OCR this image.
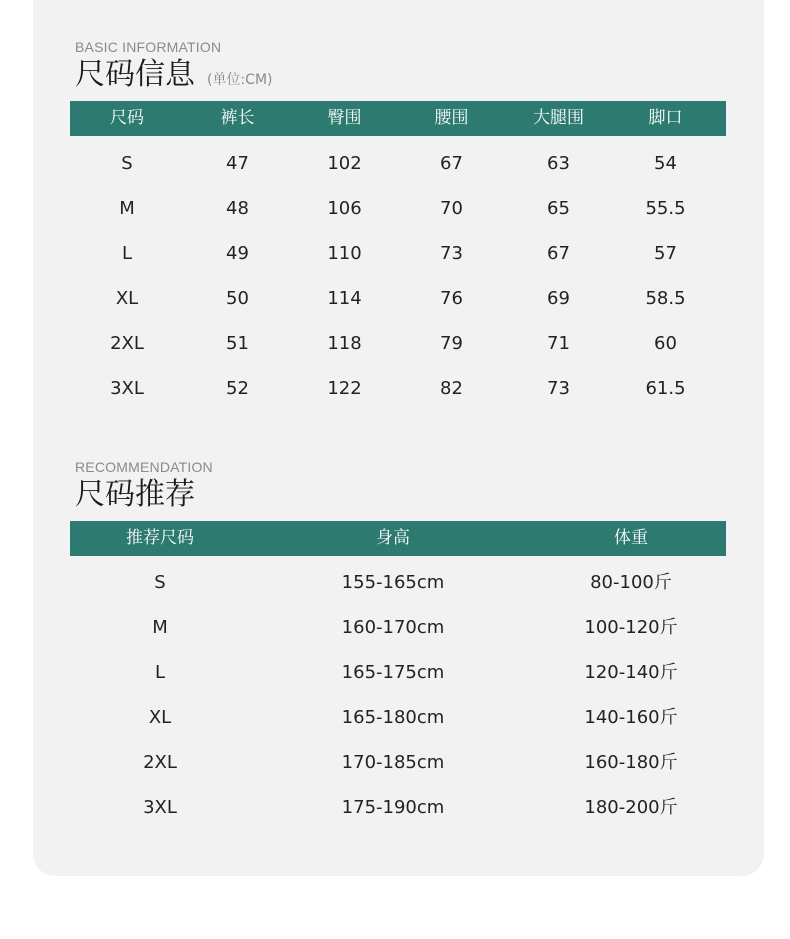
BASIC INFORMATION
尺码信息 (单位:CM)
尺码	裤长	臀围	腰围	大腿围	脚口
S	47	102	67	63	54
M	48	106	70	65	55.5
L	49	110	73	67	57
XL	50	114	76	69	58.5
2XL	51	118	79	71	60
3XL	52	122	82	73	61.5
RECOMMENDATION
尺码推荐
推荐尺码	身高	体重
S	155-165cm	80-100斤
M	160-170cm	100-120斤
L	165-175cm	120-140斤
XL	165-180cm	140-160斤
2XL	170-185cm	160-180斤
3XL	175-190cm	180-200斤
